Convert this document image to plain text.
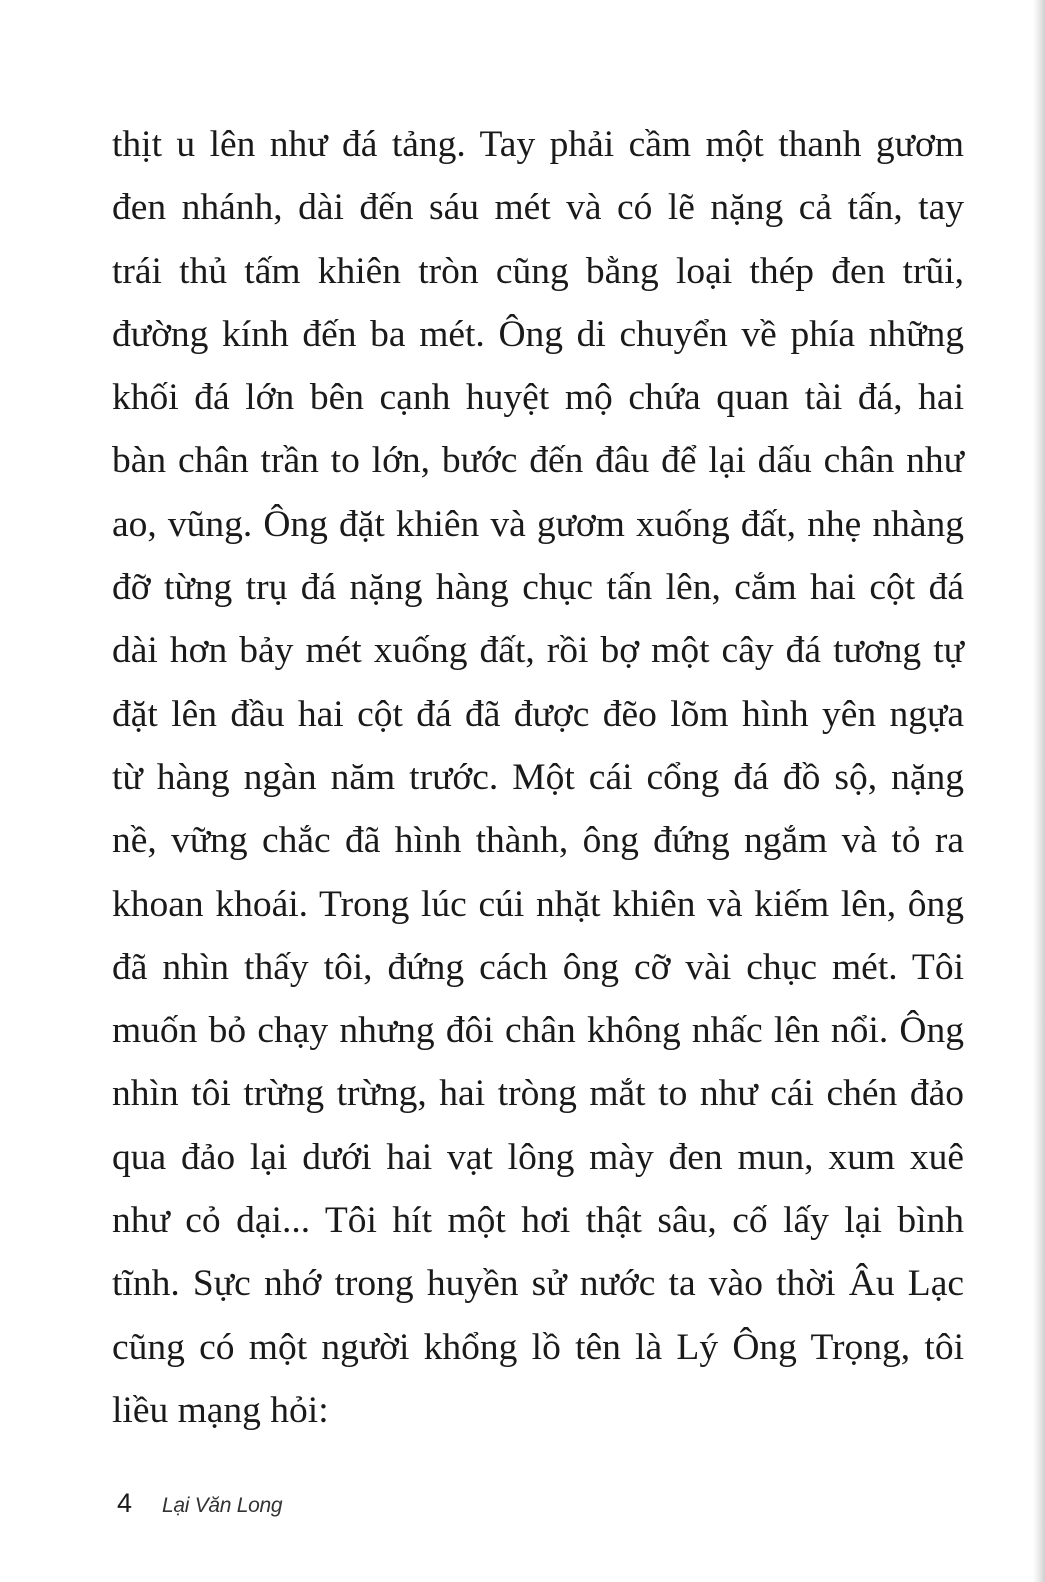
thịt u lên như đá tảng. Tay phải cầm một thanh gươm
đen nhánh, dài đến sáu mét và có lẽ nặng cả tấn, tay
trái thủ tấm khiên tròn cũng bằng loại thép đen trũi,
đường kính đến ba mét. Ông di chuyển về phía những
khối đá lớn bên cạnh huyệt mộ chứa quan tài đá, hai
bàn chân trần to lớn, bước đến đâu để lại dấu chân như
ao, vũng. Ông đặt khiên và gươm xuống đất, nhẹ nhàng
đỡ từng trụ đá nặng hàng chục tấn lên, cắm hai cột đá
dài hơn bảy mét xuống đất, rồi bợ một cây đá tương tự
đặt lên đầu hai cột đá đã được đẽo lõm hình yên ngựa
từ hàng ngàn năm trước. Một cái cổng đá đồ sộ, nặng
nề, vững chắc đã hình thành, ông đứng ngắm và tỏ ra
khoan khoái. Trong lúc cúi nhặt khiên và kiếm lên, ông
đã nhìn thấy tôi, đứng cách ông cỡ vài chục mét. Tôi
muốn bỏ chạy nhưng đôi chân không nhấc lên nổi. Ông
nhìn tôi trừng trừng, hai tròng mắt to như cái chén đảo
qua đảo lại dưới hai vạt lông mày đen mun, xum xuê
như cỏ dại... Tôi hít một hơi thật sâu, cố lấy lại bình
tĩnh. Sực nhớ trong huyền sử nước ta vào thời Âu Lạc
cũng có một người khổng lồ tên là Lý Ông Trọng, tôi
liều mạng hỏi:
4 Lại Văn Long
